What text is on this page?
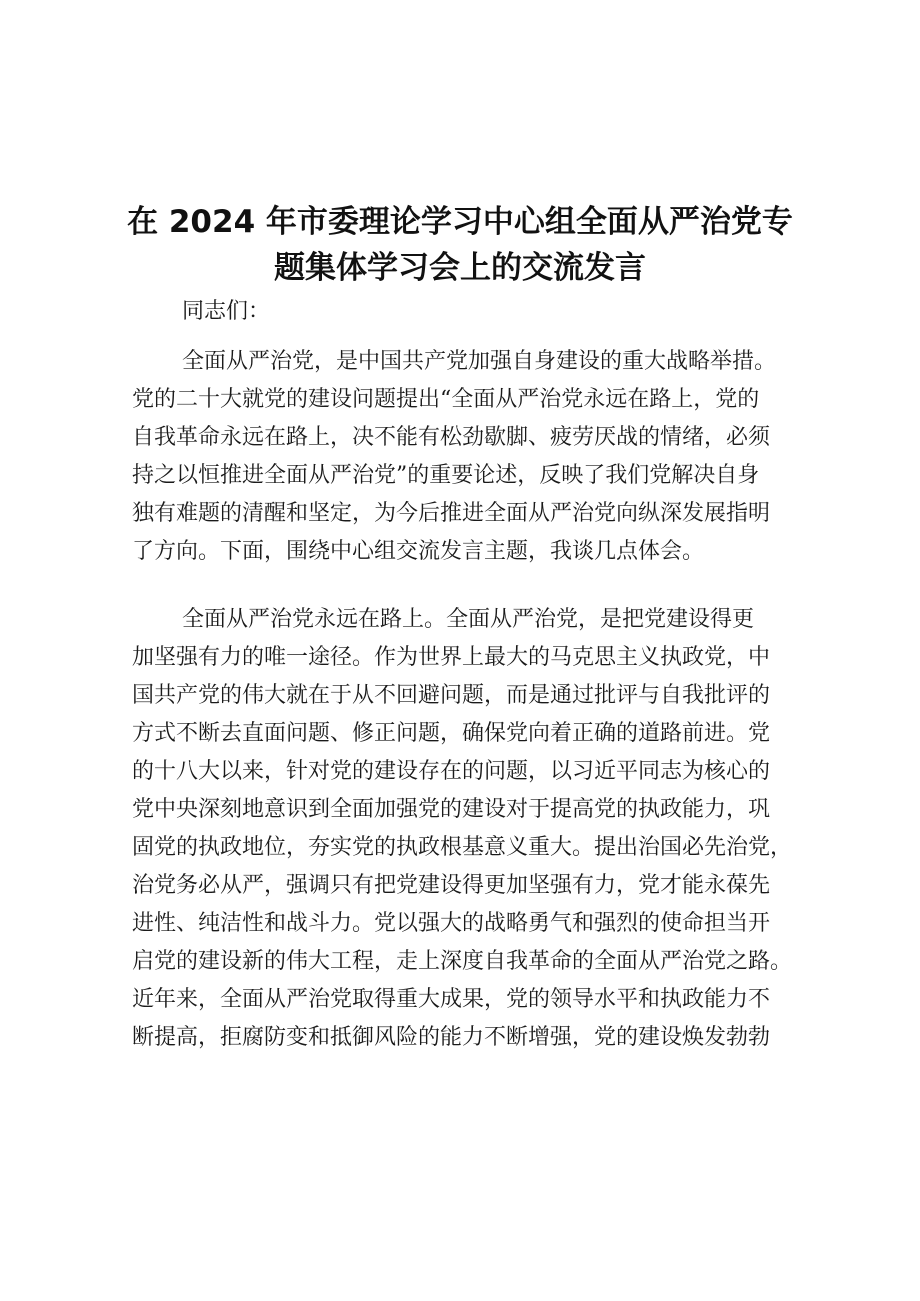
在 2024 年市委理论学习中心组全面从严治党专
题集体学习会上的交流发言
同志们：
全面从严治党，是中国共产党加强自身建设的重大战略举措。
党的二十大就党的建设问题提出“全面从严治党永远在路上，党的
自我革命永远在路上，决不能有松劲歇脚、疲劳厌战的情绪，必须
持之以恒推进全面从严治党”的重要论述，反映了我们党解决自身
独有难题的清醒和坚定，为今后推进全面从严治党向纵深发展指明
了方向。下面，围绕中心组交流发言主题，我谈几点体会。
全面从严治党永远在路上。全面从严治党，是把党建设得更
加坚强有力的唯一途径。作为世界上最大的马克思主义执政党，中
国共产党的伟大就在于从不回避问题，而是通过批评与自我批评的
方式不断去直面问题、修正问题，确保党向着正确的道路前进。党
的十八大以来，针对党的建设存在的问题，以习近平同志为核心的
党中央深刻地意识到全面加强党的建设对于提高党的执政能力，巩
固党的执政地位，夯实党的执政根基意义重大。提出治国必先治党，
治党务必从严，强调只有把党建设得更加坚强有力，党才能永葆先
进性、纯洁性和战斗力。党以强大的战略勇气和强烈的使命担当开
启党的建设新的伟大工程，走上深度自我革命的全面从严治党之路。
近年来，全面从严治党取得重大成果，党的领导水平和执政能力不
断提高，拒腐防变和抵御风险的能力不断增强，党的建设焕发勃勃
